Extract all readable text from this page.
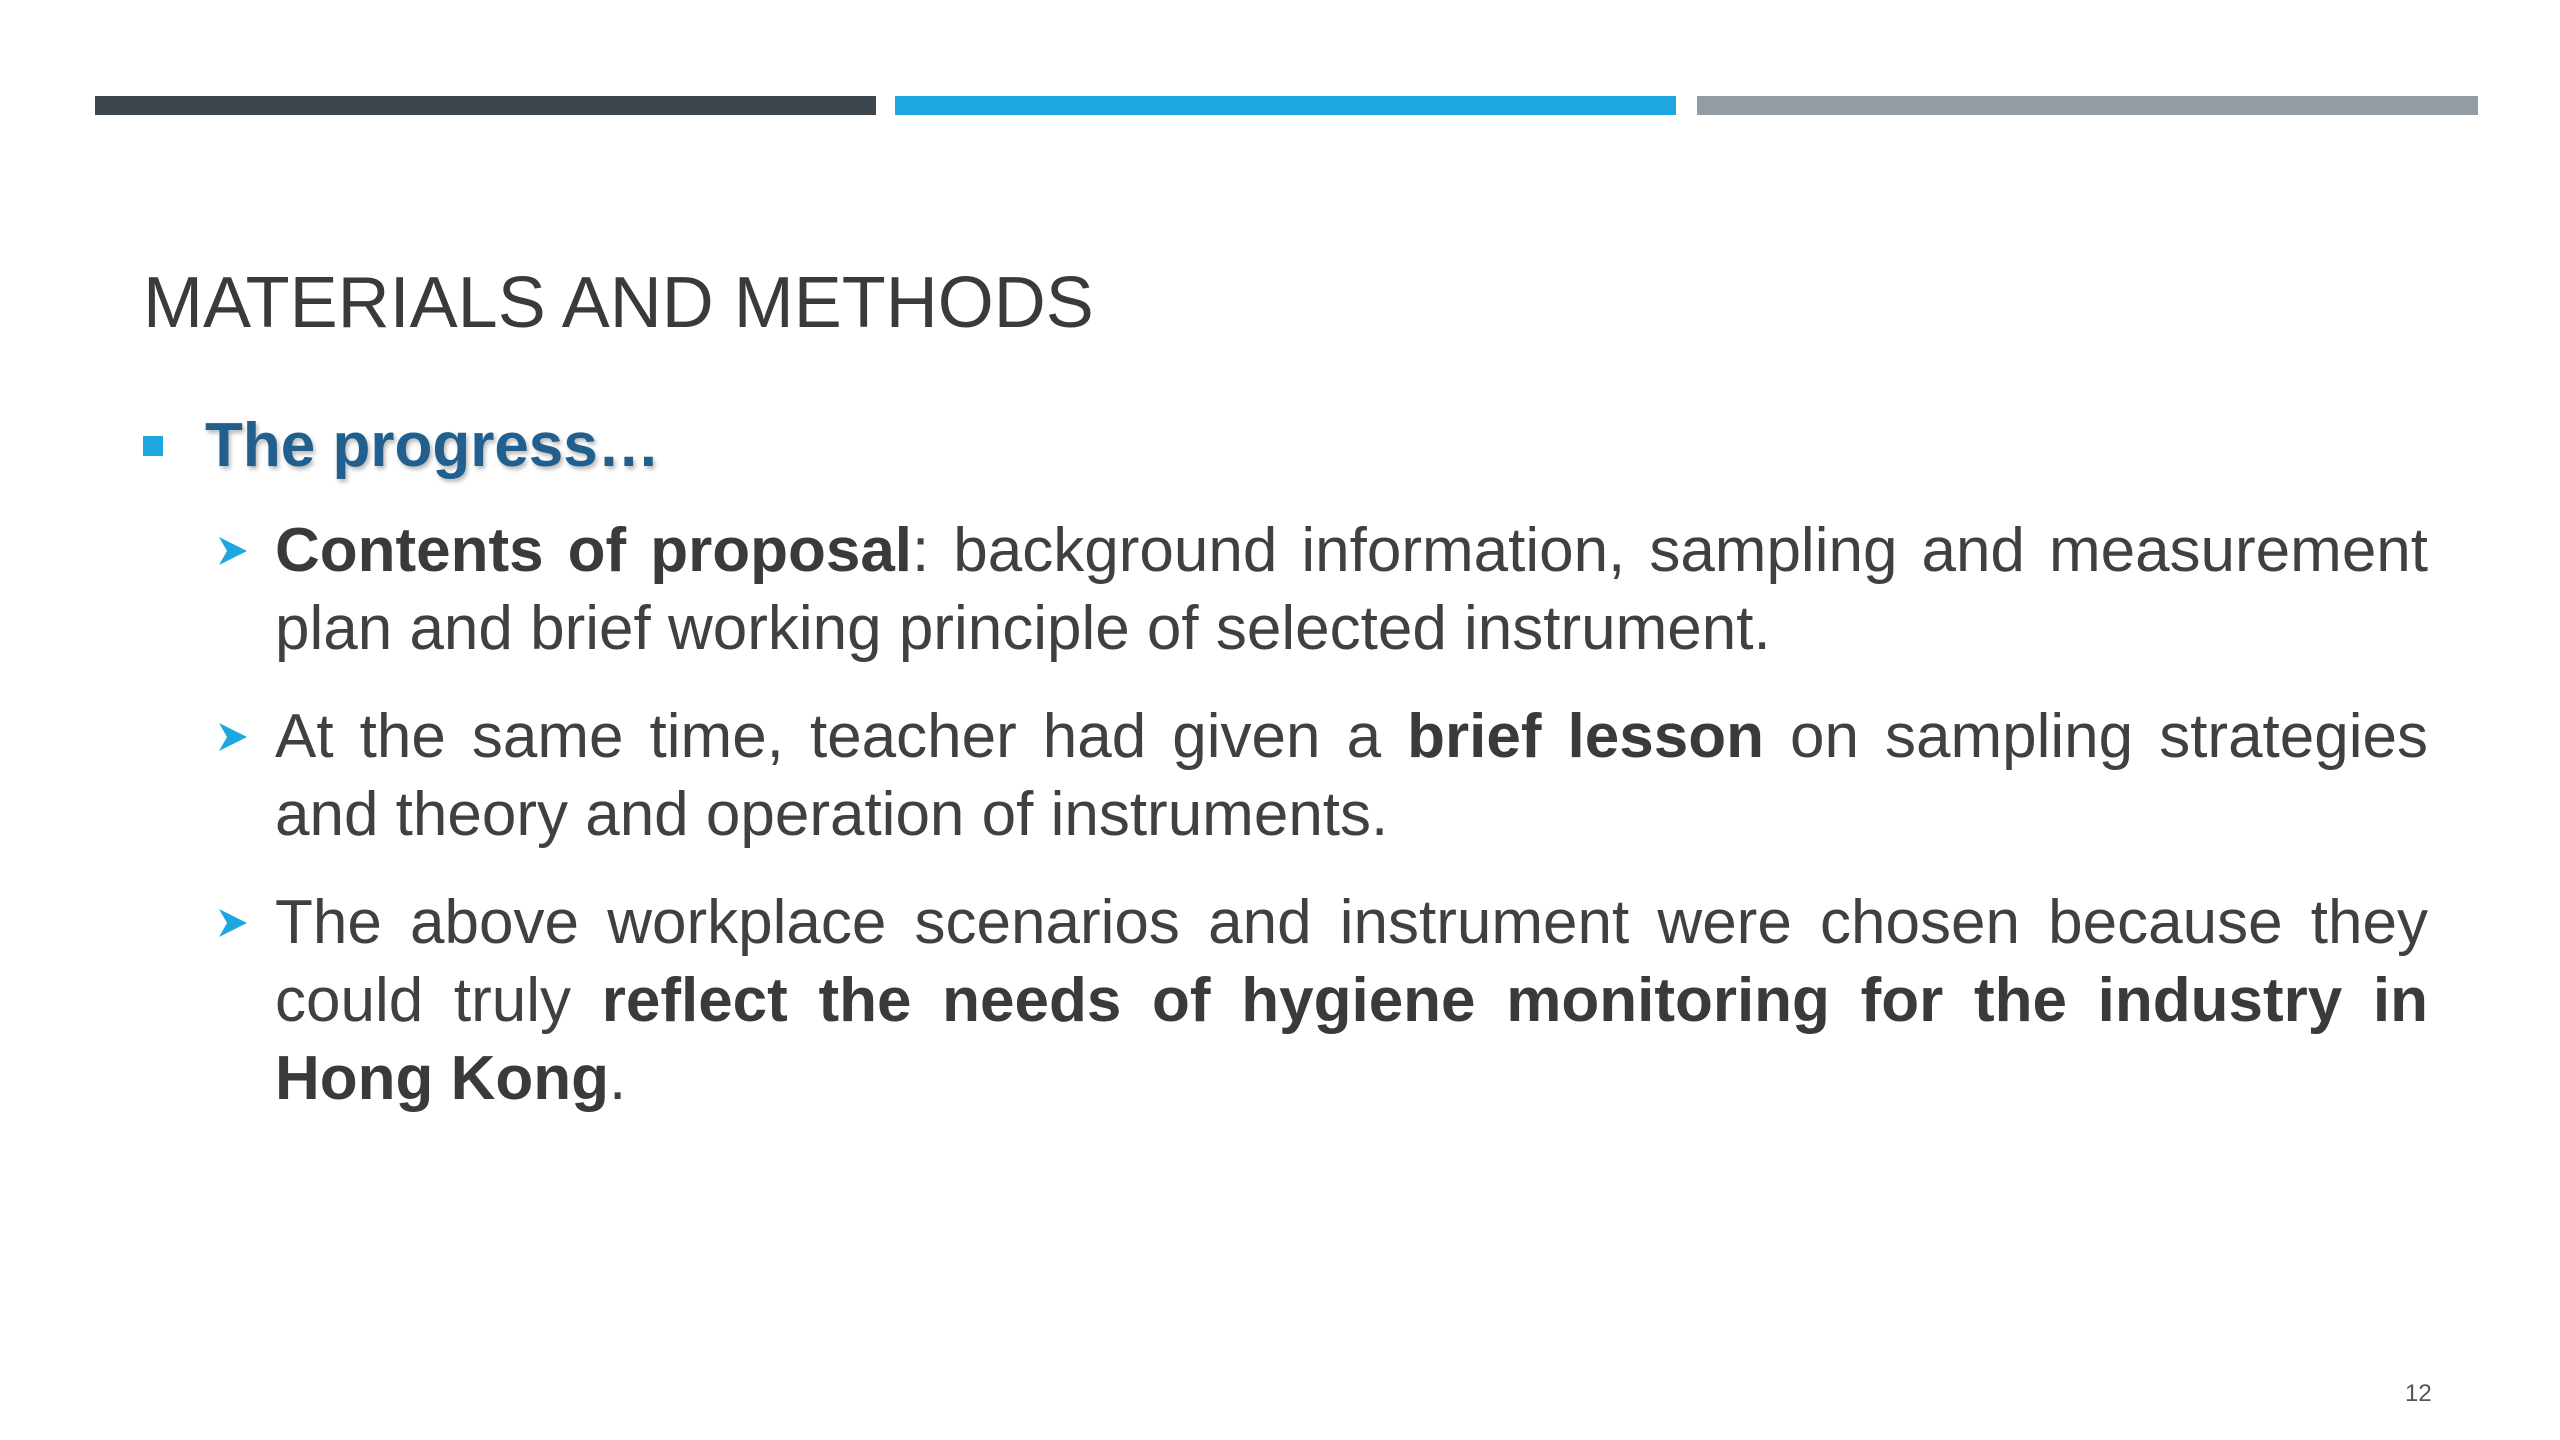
MATERIALS AND METHODS
The progress…
Contents of proposal: background information, sampling and measurement plan and brief working principle of selected instrument.
At the same time, teacher had given a brief lesson on sampling strategies and theory and operation of instruments.
The above workplace scenarios and instrument were chosen because they could truly reflect the needs of hygiene monitoring for the industry in Hong Kong.
12
